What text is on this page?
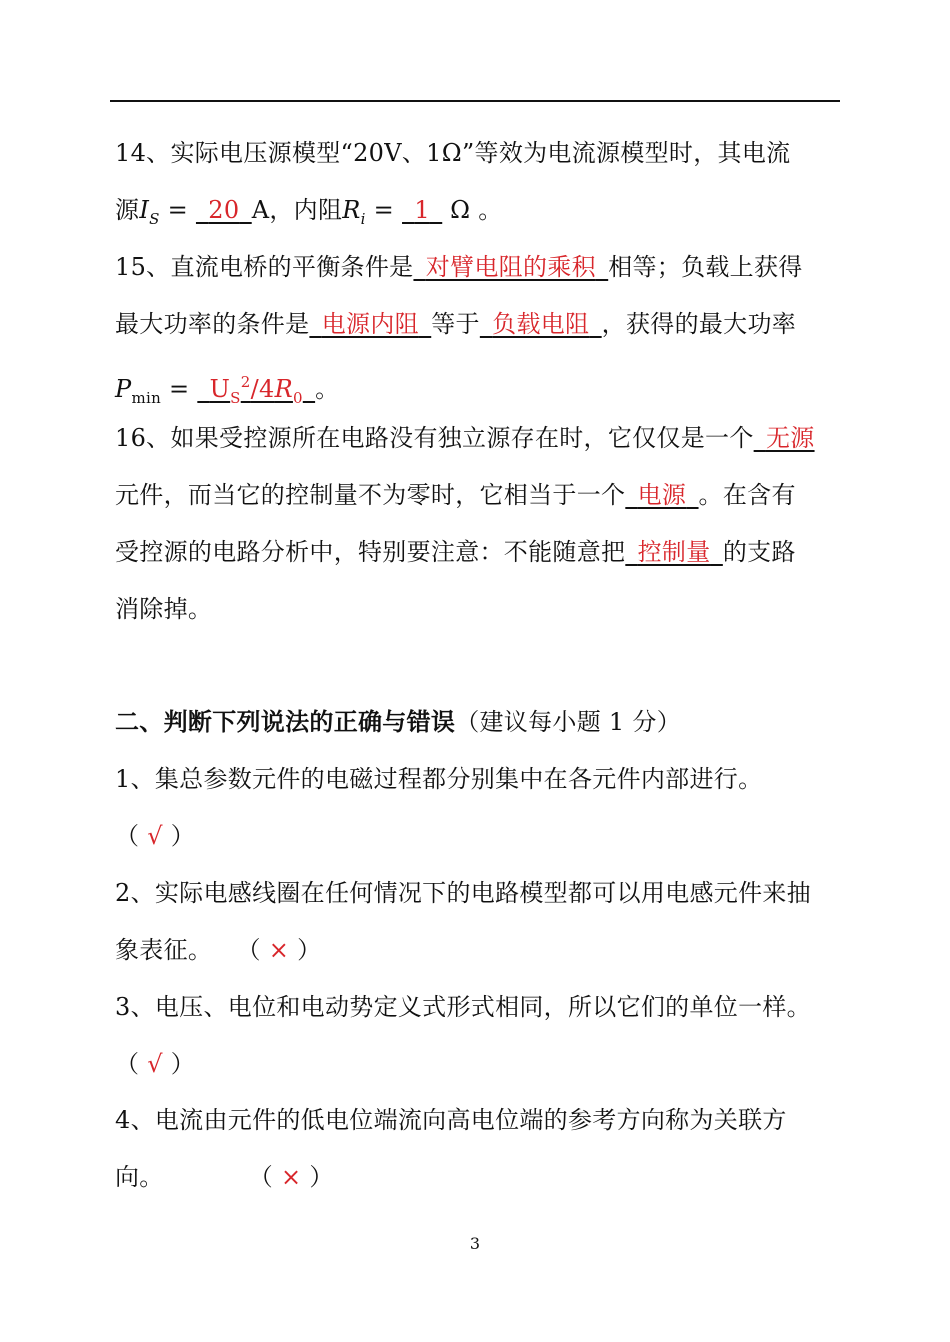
14、实际电压源模型“20V、1Ω”等效为电流源模型时，其电流
源$I_S$ =  20  A，内阻$R_i$ =  1  Ω 。
15、直流电桥的平衡条件是  对臂电阻的乘积  相等；负载上获得
最大功率的条件是  电源内阻  等于  负载电阻  ，获得的最大功率
$P_{min}$ =  $U_S^2/4R_0$  。
16、如果受控源所在电路没有独立源存在时，它仅仅是一个  无源
元件，而当它的控制量不为零时，它相当于一个  电源  。在含有
受控源的电路分析中，特别要注意：不能随意把  控制量  的支路
消除掉。
二、判断下列说法的正确与错误（建议每小题 1 分）
1、集总参数元件的电磁过程都分别集中在各元件内部进行。
（ √ ）
2、实际电感线圈在任何情况下的电路模型都可以用电感元件来抽
象表征。 （ × ）
3、电压、电位和电动势定义式形式相同，所以它们的单位一样。
（ √ ）
4、电流由元件的低电位端流向高电位端的参考方向称为关联方
向。    （ × ）
3
